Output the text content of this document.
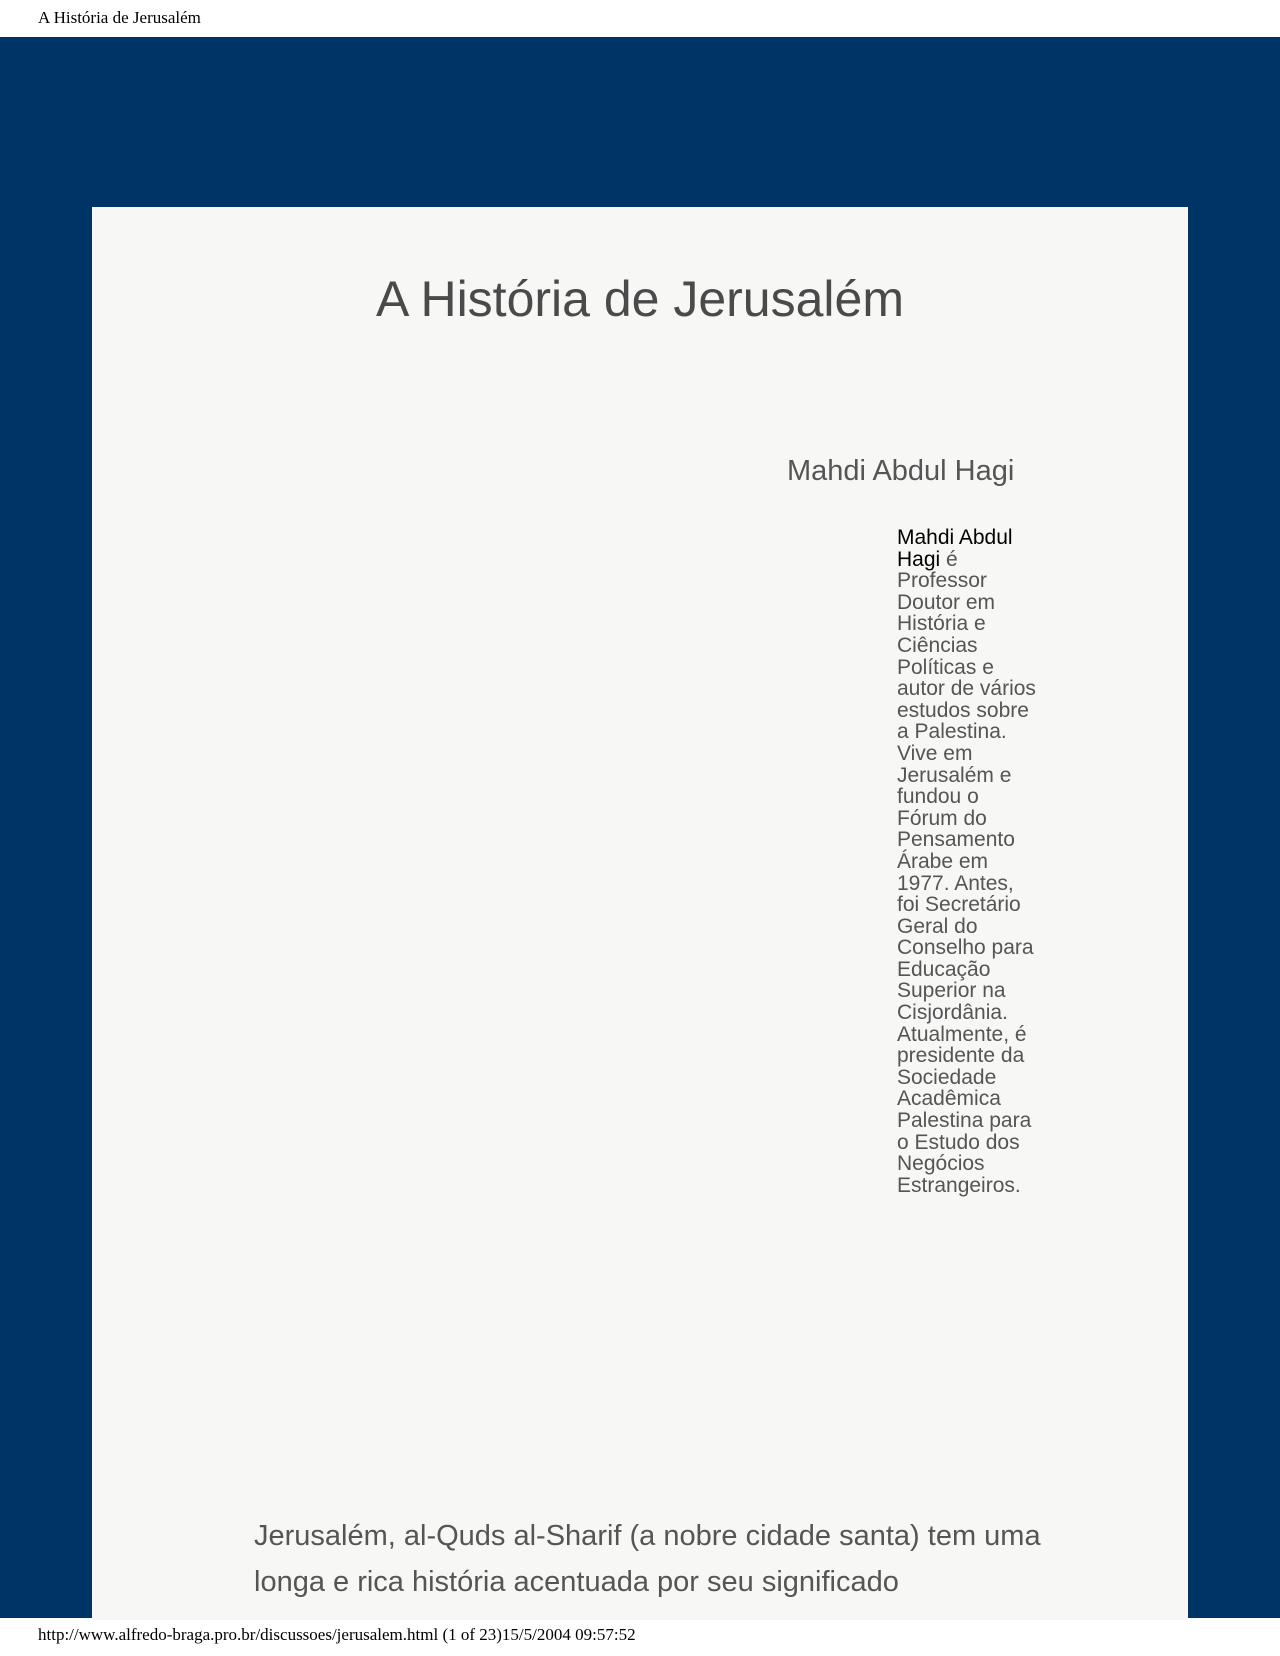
A História de Jerusalém
A História de Jerusalém
Mahdi Abdul Hagi

Mahdi Abdul Hagi é Professor Doutor em História e Ciências Políticas e autor de vários estudos sobre a Palestina. Vive em Jerusalém e fundou o Fórum do Pensamento Árabe em 1977. Antes, foi Secretário Geral do Conselho para Educação Superior na Cisjordânia. Atualmente, é presidente da Sociedade Acadêmica Palestina para o Estudo dos Negócios Estrangeiros.

Jerusalém, al-Quds al-Sharif (a nobre cidade santa) tem uma longa e rica história acentuada por seu significado

http://www.alfredo-braga.pro.br/discussoes/jerusalem.html (1 of 23)15/5/2004 09:57:52
